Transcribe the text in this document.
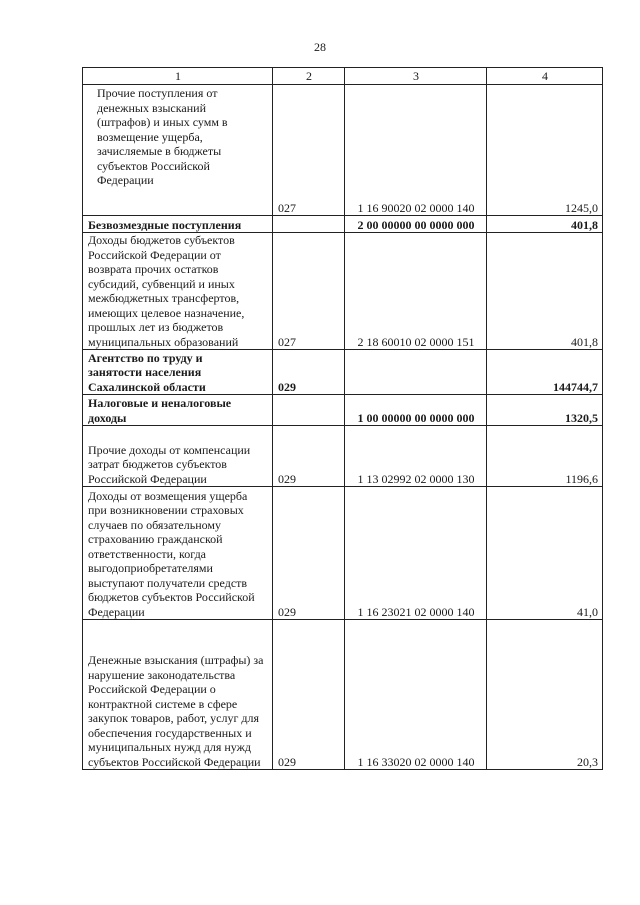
28
1	2	3	4
Прочие поступления от денежных взысканий (штрафов) и иных сумм в возмещение ущерба, зачисляемые в бюджеты субъектов Российской Федерации	027	1 16 90020 02 0000 140	1245,0
Безвозмездные поступления		2 00 00000 00 0000 000	401,8
Доходы бюджетов субъектов Российской Федерации от возврата прочих остатков субсидий, субвенций и иных межбюджетных трансфертов, имеющих целевое назначение, прошлых лет из бюджетов муниципальных образований	027	2 18 60010 02 0000 151	401,8
Агентство по труду и занятости населения Сахалинской области	029		144744,7
Налоговые и неналоговые доходы		1 00 00000 00 0000 000	1320,5
Прочие доходы от компенсации затрат бюджетов субъектов Российской Федерации	029	1 13 02992 02 0000 130	1196,6
Доходы от возмещения ущерба при возникновении страховых случаев по обязательному страхованию гражданской ответственности, когда выгодоприобретателями выступают получатели средств бюджетов субъектов Российской Федерации	029	1 16 23021 02 0000 140	41,0
Денежные взыскания (штрафы) за нарушение законодательства Российской Федерации о контрактной системе в сфере закупок товаров, работ, услуг для обеспечения государственных и муниципальных нужд для нужд субъектов Российской Федерации	029	1 16 33020 02 0000 140	20,3
